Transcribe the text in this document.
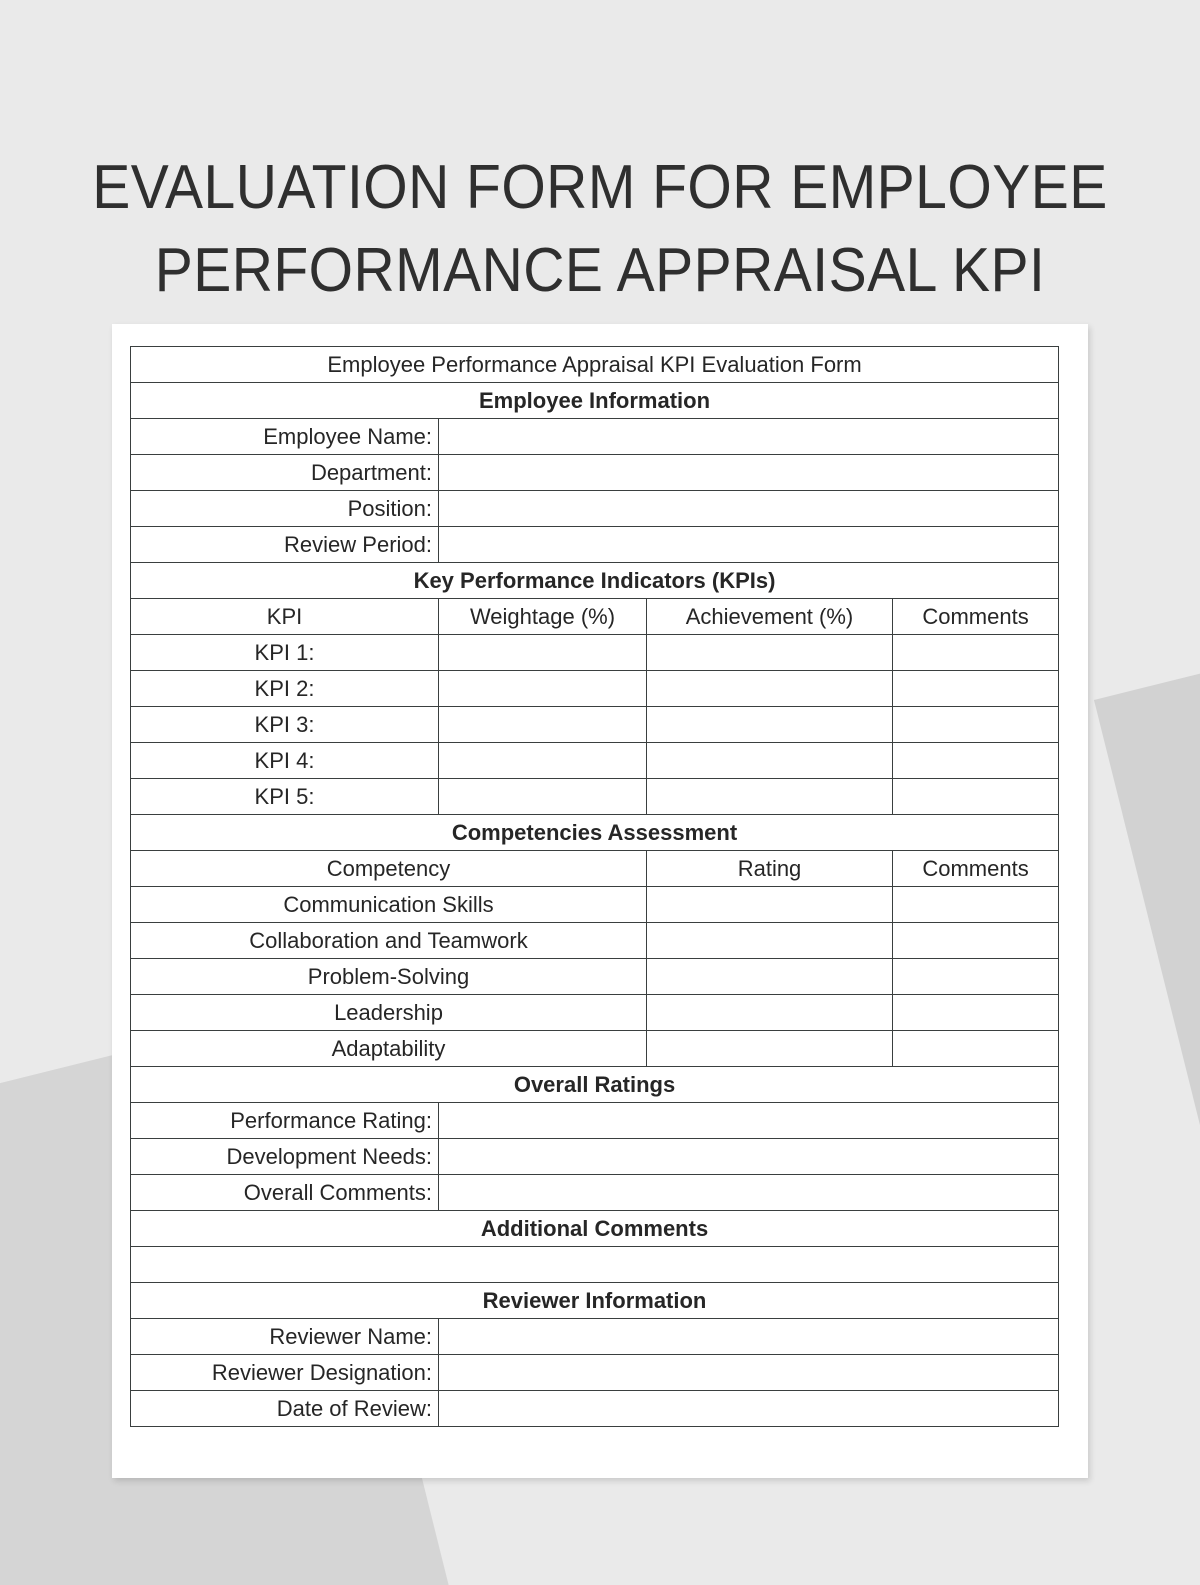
EVALUATION FORM FOR EMPLOYEE
PERFORMANCE APPRAISAL KPI
Employee Performance Appraisal KPI Evaluation Form			
Employee Information			
Employee Name:			
Department:			
Position:			
Review Period:			
Key Performance Indicators (KPIs)			
KPI	Weightage (%)	Achievement (%)	Comments
KPI 1:			
KPI 2:			
KPI 3:			
KPI 4:			
KPI 5:			
Competencies Assessment			
Competency		Rating	Comments
Communication Skills			
Collaboration and Teamwork			
Problem-Solving			
Leadership			
Adaptability			
Overall Ratings			
Performance Rating:			
Development Needs:			
Overall Comments:			
Additional Comments			

Reviewer Information			
Reviewer Name:			
Reviewer Designation:			
Date of Review:			
